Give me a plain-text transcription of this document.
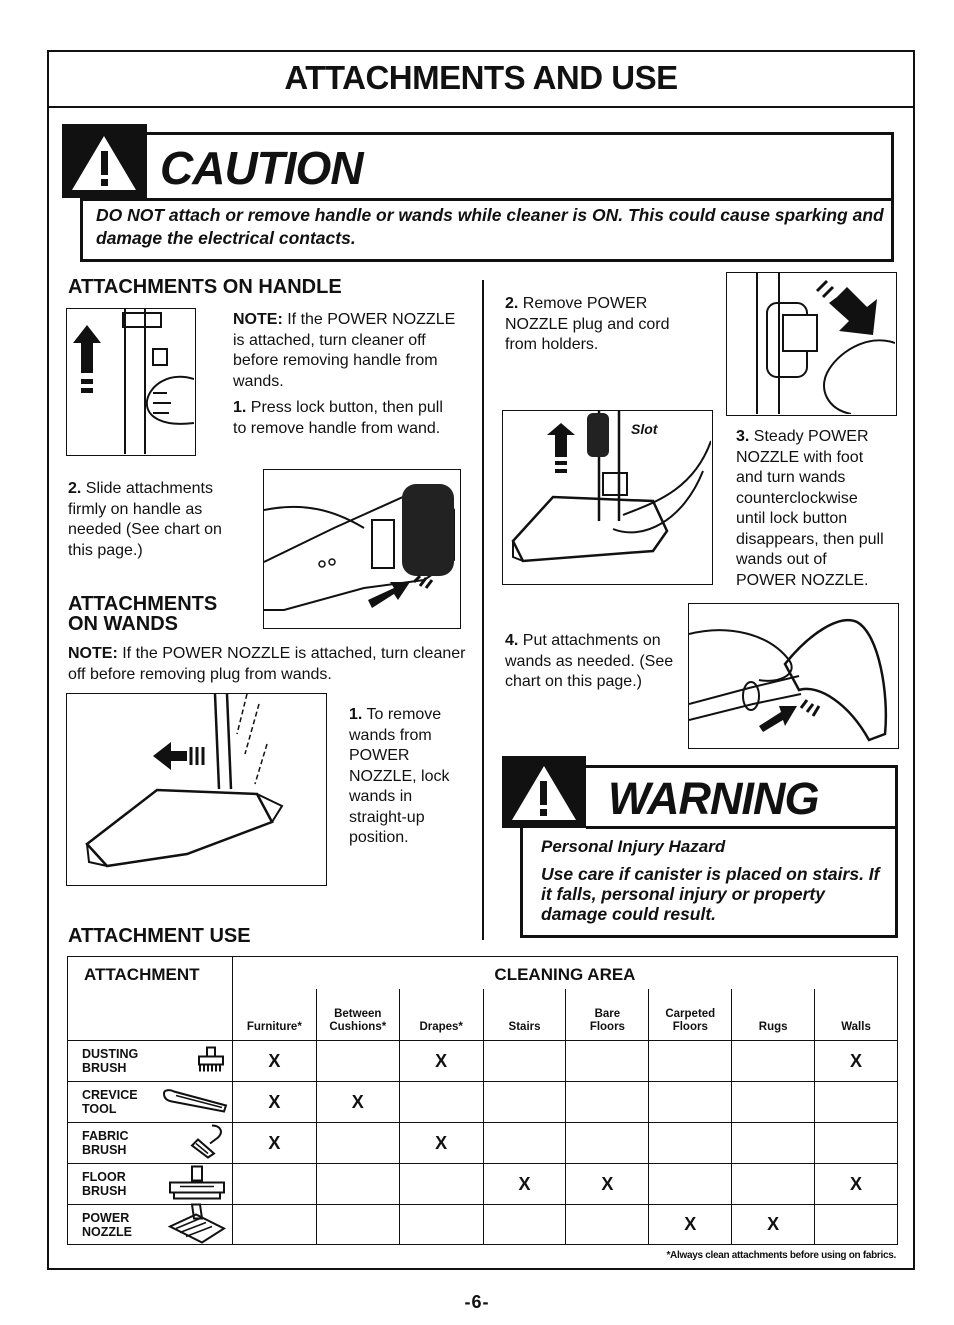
ATTACHMENTS AND USE
CAUTION

DO NOT attach or remove handle or wands while cleaner is ON. This could cause sparking and damage the electrical contacts.

ATTACHMENTS ON HANDLE

NOTE: If the POWER NOZZLE is attached, turn cleaner off before removing handle from wands.

1. Press lock button, then pull to remove handle from wand.

2. Slide attachments firmly on handle as needed (See chart on this page.)

ATTACHMENTS
ON WANDS

NOTE: If the POWER NOZZLE is attached, turn cleaner off before removing plug from wands.

1. To remove wands from POWER NOZZLE, lock wands in straight-up position.

2. Remove POWER NOZZLE plug and cord from holders.

Slot	3. Steady POWER NOZZLE with foot and turn wands counterclockwise until lock button disappears, then pull wands out of POWER NOZZLE.

4. Put attachments on wands as needed. (See chart on this page.)

WARNING

Personal Injury Hazard

Use care if canister is placed on stairs. If it falls, personal injury or property damage could result.

ATTACHMENT USE
ATTACHMENT	CLEANING AREA							
	Furniture*	Between Cushions*	Drapes*	Stairs	Bare Floors	Carpeted Floors	Rugs	Walls
DUSTING BRUSH	X		X					X
CREVICE TOOL	X	X						
FABRIC BRUSH	X		X					
FLOOR BRUSH				X	X			X
POWER NOZZLE						X	X	

*Always clean attachments before using on fabrics.

-6-
